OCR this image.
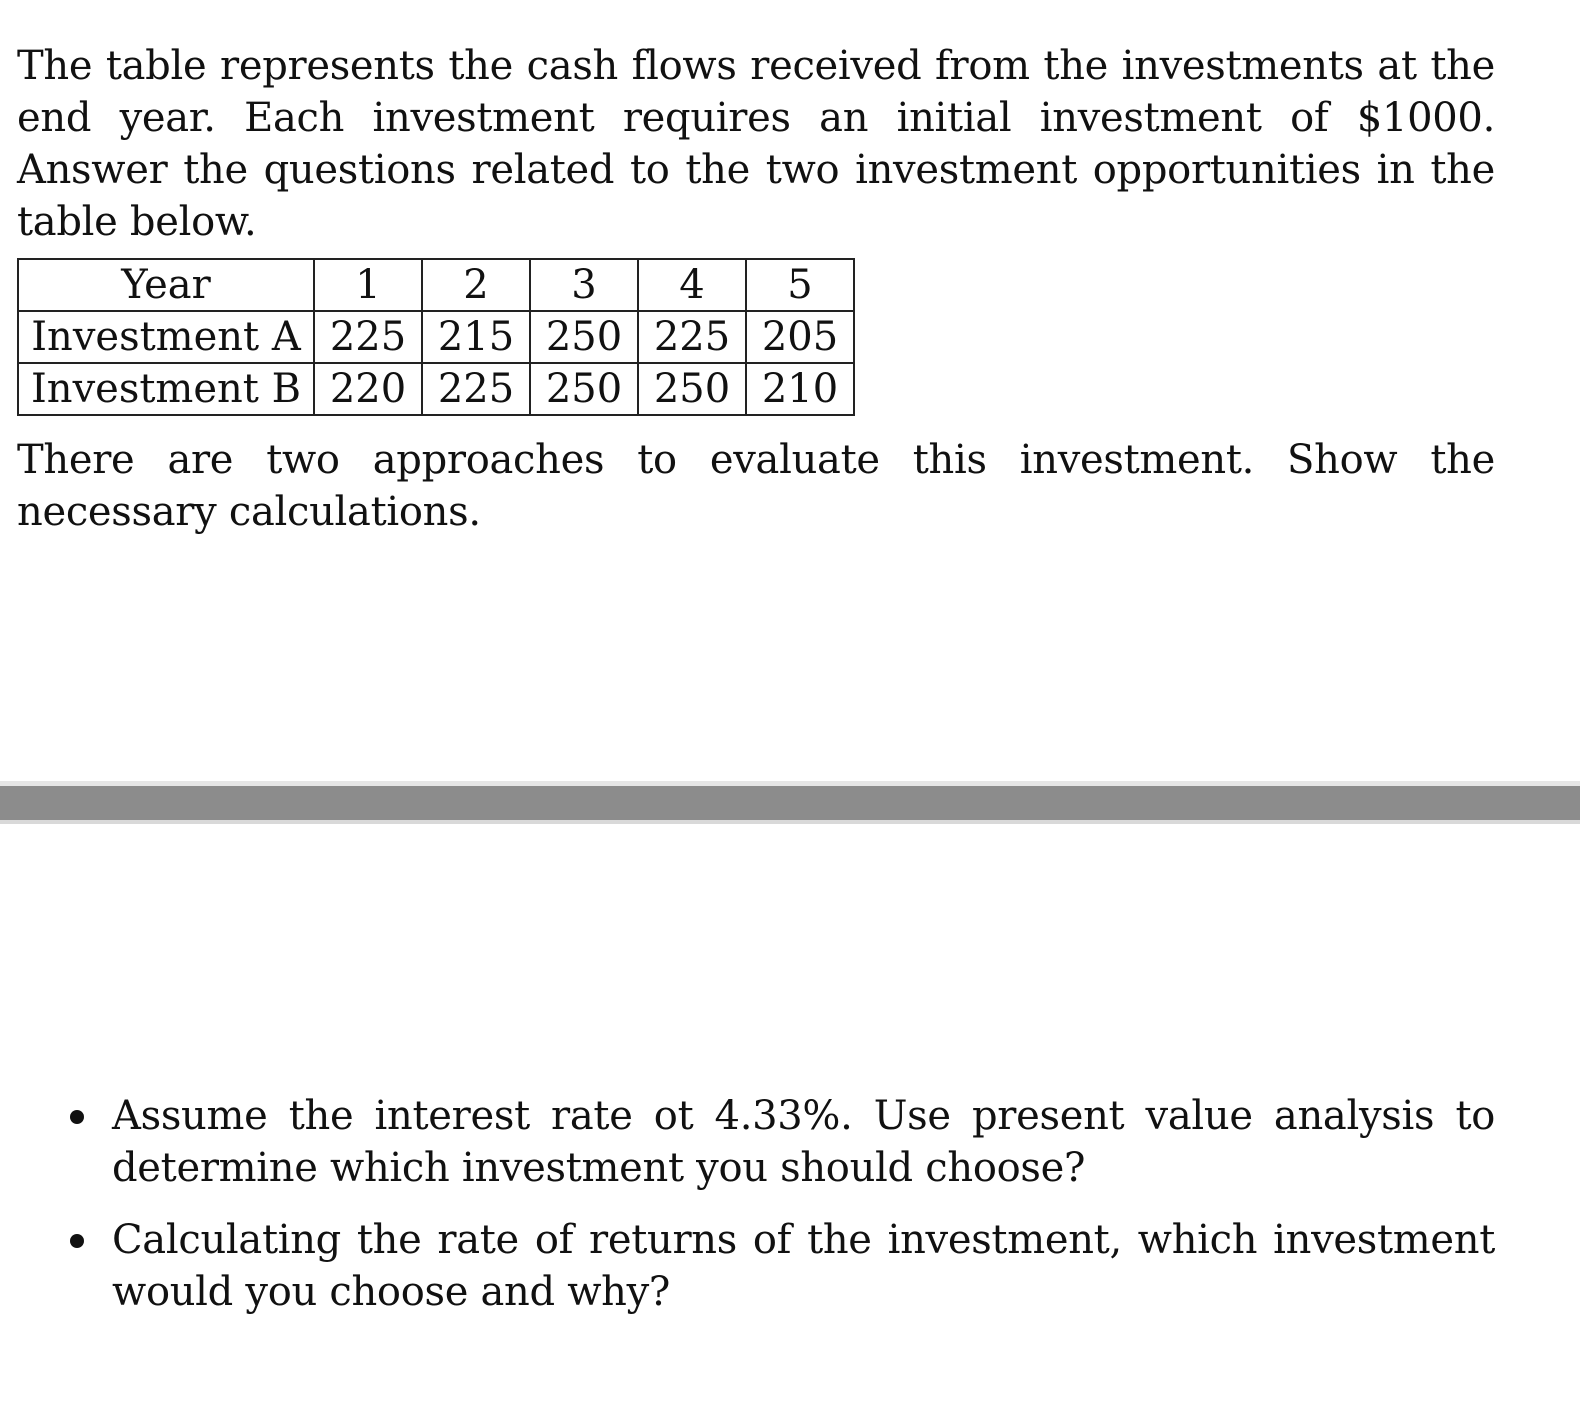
The table represents the cash flows received from the investments at the end year. Each investment requires an initial investment of $1000. Answer the questions related to the two investment opportunities in the table below.

Year	1	2	3	4	5
Investment A	225	215	250	225	205
Investment B	220	225	250	250	210

There are two approaches to evaluate this investment. Show the necessary calculations.

Assume the interest rate ot 4.33%. Use present value analysis to determine which investment you should choose?
Calculating the rate of returns of the investment, which investment would you choose and why?
